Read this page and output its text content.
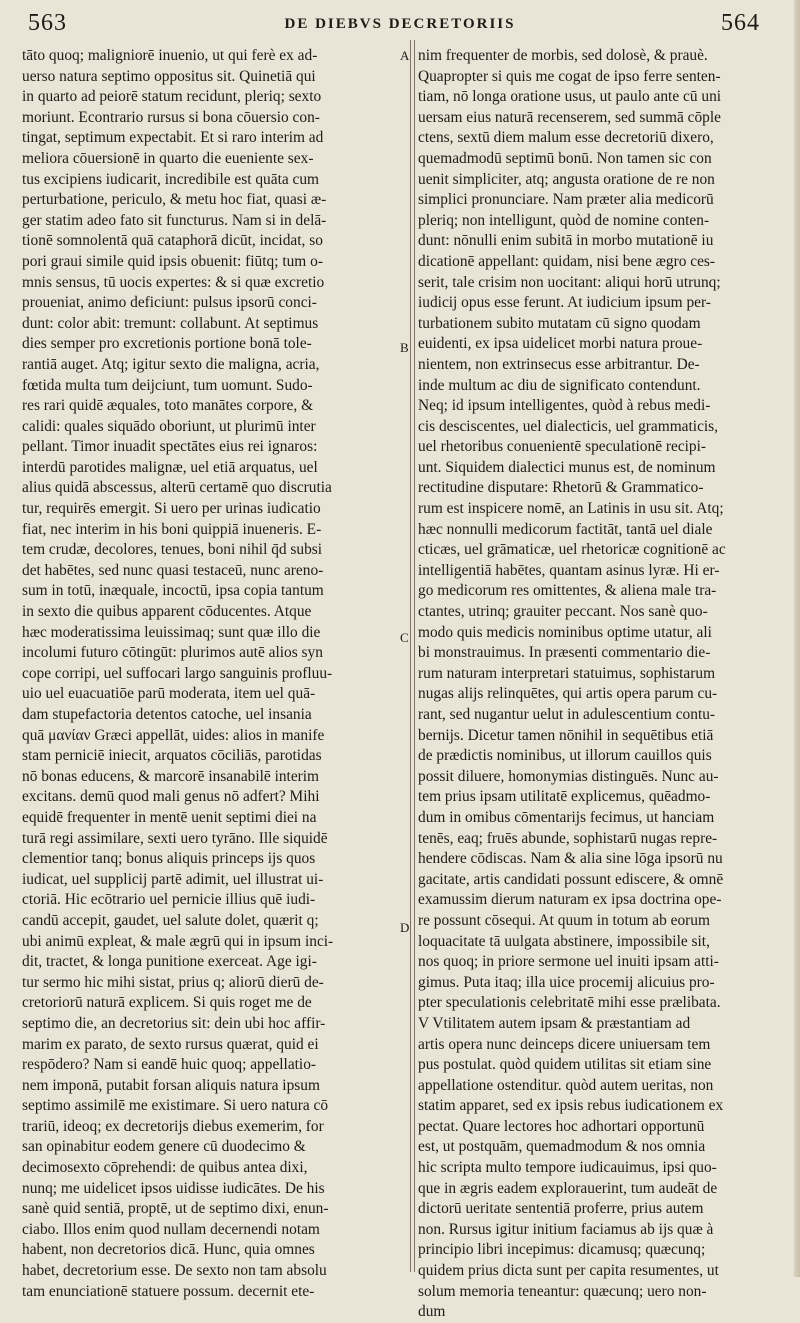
563	DE DIEBVS DECRETORIIS	564
A
B
C
D
tāto quoq; maligniorē inuenio, ut qui ferè ex ad-
uerso natura septimo oppositus sit. Quinetiā qui
in quarto ad peiorē statum recidunt, pleriq; sexto
moriunt. Econtrario rursus si bona cōuersio con-
tingat, septimum expectabit. Et si raro interim ad
meliora cōuersionē in quarto die eueniente sex-
tus excipiens iudicarit, incredibile est quāta cum
perturbatione, periculo, & metu hoc fiat, quasi æ-
ger statim adeo fato sit functurus. Nam si in delā-
tionē somnolentā quā cataphorā dicūt, incidat, so
pori graui simile quid ipsis obuenit: fiūtq; tum o-
mnis sensus, tū uocis expertes: & si quæ excretio
proueniat, animo deficiunt: pulsus ipsorū conci-
dunt: color abit: tremunt: collabunt. At septimus
dies semper pro excretionis portione bonā tole-
rantiā auget. Atq; igitur sexto die maligna, acria,
fœtida multa tum deijciunt, tum uomunt. Sudo-
res rari quidē æquales, toto manātes corpore, &
calidi: quales siquādo oboriunt, ut plurimū inter
pellant. Timor inuadit spectātes eius rei ignaros:
interdū parotides malignæ, uel etiā arquatus, uel
alius quidā abscessus, alterū certamē quo discrutia
tur, requirēs emergit. Si uero per urinas iudicatio
fiat, nec interim in his boni quippiā inueneris. E-
tem crudæ, decolores, tenues, boni nihil q̄d subsi
det habētes, sed nunc quasi testaceū, nunc areno-
sum in totū, inæquale, incoctū, ipsa copia tantum
in sexto die quibus apparent cōducentes. Atque
hæc moderatissima leuissimaq; sunt quæ illo die
incolumi futuro cōtingūt: plurimos autē alios syn
cope corripi, uel suffocari largo sanguinis profluu-
uio uel euacuatiōe parū moderata, item uel quā-
dam stupefactoria detentos catoche, uel insania
quā μανίαν Græci appellāt, uides: alios in manife
stam perniciē iniecit, arquatos cōciliās, parotidas
nō bonas educens, & marcorē insanabilē interim
excitans. demū quod mali genus nō adfert? Mihi
equidē frequenter in mentē uenit septimi diei na
turā regi assimilare, sexti uero tyrāno. Ille siquidē
clementior tanq; bonus aliquis princeps ijs quos
iudicat, uel supplicij partē adimit, uel illustrat ui-
ctoriā. Hic ecōtrario uel pernicie illius quē iudi-
candū accepit, gaudet, uel salute dolet, quærit q;
ubi animū expleat, & male ægrū qui in ipsum inci-
dit, tractet, & longa punitione exerceat. Age igi-
tur sermo hic mihi sistat, prius q; aliorū dierū de-
cretoriorū naturā explicem. Si quis roget me de
septimo die, an decretorius sit: dein ubi hoc affir-
marim ex parato, de sexto rursus quærat, quid ei
respōdero? Nam si eandē huic quoq; appellatio-
nem imponā, putabit forsan aliquis natura ipsum
septimo assimilē me existimare. Si uero natura cō
trariū, ideoq; ex decretorijs diebus exemerim, for
san opinabitur eodem genere cū duodecimo &
decimosexto cōprehendi: de quibus antea dixi,
nunq; me uidelicet ipsos uidisse iudicātes. De his
sanè quid sentiā, proptē, ut de septimo dixi, enun-
ciabo. Illos enim quod nullam decernendi notam
habent, non decretorios dicā. Hunc, quia omnes
habet, decretorium esse. De sexto non tam absolu
tam enunciationē statuere possum. decernit ete-
nim frequenter de morbis, sed dolosè, & prauè.
Quapropter si quis me cogat de ipso ferre senten-
tiam, nō longa oratione usus, ut paulo ante cū uni
uersam eius naturā recenserem, sed summā cōple
ctens, sextū diem malum esse decretoriū dixero,
quemadmodū septimū bonū. Non tamen sic con
uenit simpliciter, atq; angusta oratione de re non
simplici pronunciare. Nam præter alia medicorū
pleriq; non intelligunt, quòd de nomine conten-
dunt: nōnulli enim subitā in morbo mutationē iu
dicationē appellant: quidam, nisi bene ægro ces-
serit, tale crisim non uocitant: aliqui horū utrunq;
iudicij opus esse ferunt. At iudicium ipsum per-
turbationem subito mutatam cū signo quodam
euidenti, ex ipsa uidelicet morbi natura proue-
nientem, non extrinsecus esse arbitrantur. De-
inde multum ac diu de significato contendunt.
Neq; id ipsum intelligentes, quòd à rebus medi-
cis desciscentes, uel dialecticis, uel grammaticis,
uel rhetoribus conuenientē speculationē recipi-
unt. Siquidem dialectici munus est, de nominum
rectitudine disputare: Rhetorū & Grammatico-
rum est inspicere nomē, an Latinis in usu sit. Atq;
hæc nonnulli medicorum factitāt, tantā uel diale
cticæs, uel grāmaticæ, uel rhetoricæ cognitionē ac
intelligentiā habētes, quantam asinus lyræ. Hi er-
go medicorum res omittentes, & aliena male tra-
ctantes, utrinq; grauiter peccant. Nos sanè quo-
modo quis medicis nominibus optime utatur, ali
bi monstrauimus. In præsenti commentario die-
rum naturam interpretari statuimus, sophistarum
nugas alijs relinquētes, qui artis opera parum cu-
rant, sed nugantur uelut in adulescentium contu-
bernijs. Dicetur tamen nōnihil in sequētibus etiā
de prædictis nominibus, ut illorum cauillos quis
possit diluere, homonymias distinguēs. Nunc au-
tem prius ipsam utilitatē explicemus, quēadmo-
dum in omibus cōmentarijs fecimus, ut hanciam
tenēs, eaq; fruēs abunde, sophistarū nugas repre-
hendere cōdiscas. Nam & alia sine lōga ipsorū nu
gacitate, artis candidati possunt ediscere, & omnē
examussim dierum naturam ex ipsa doctrina ope-
re possunt cōsequi. At quum in totum ab eorum
loquacitate tā uulgata abstinere, impossibile sit,
nos quoq; in priore sermone uel inuiti ipsam atti-
gimus. Puta itaq; illa uice procemij alicuius pro-
pter speculationis celebritatē mihi esse prælibata.
V Vtilitatem autem ipsam & præstantiam ad
artis opera nunc deinceps dicere uniuersam tem
pus postulat. quòd quidem utilitas sit etiam sine
appellatione ostenditur. quòd autem ueritas, non
statim apparet, sed ex ipsis rebus iudicationem ex
pectat. Quare lectores hoc adhortari opportunū
est, ut postquām, quemadmodum & nos omnia
hic scripta multo tempore iudicauimus, ipsi quo-
que in ægris eadem explorauerint, tum audeāt de
dictorū ueritate sententiā proferre, prius autem
non. Rursus igitur initium faciamus ab ijs quæ à
principio libri incepimus: dicamusq; quæcunq;
quidem prius dicta sunt per capita resumentes, ut
solum memoria teneantur: quæcunq; uero non-
dum
